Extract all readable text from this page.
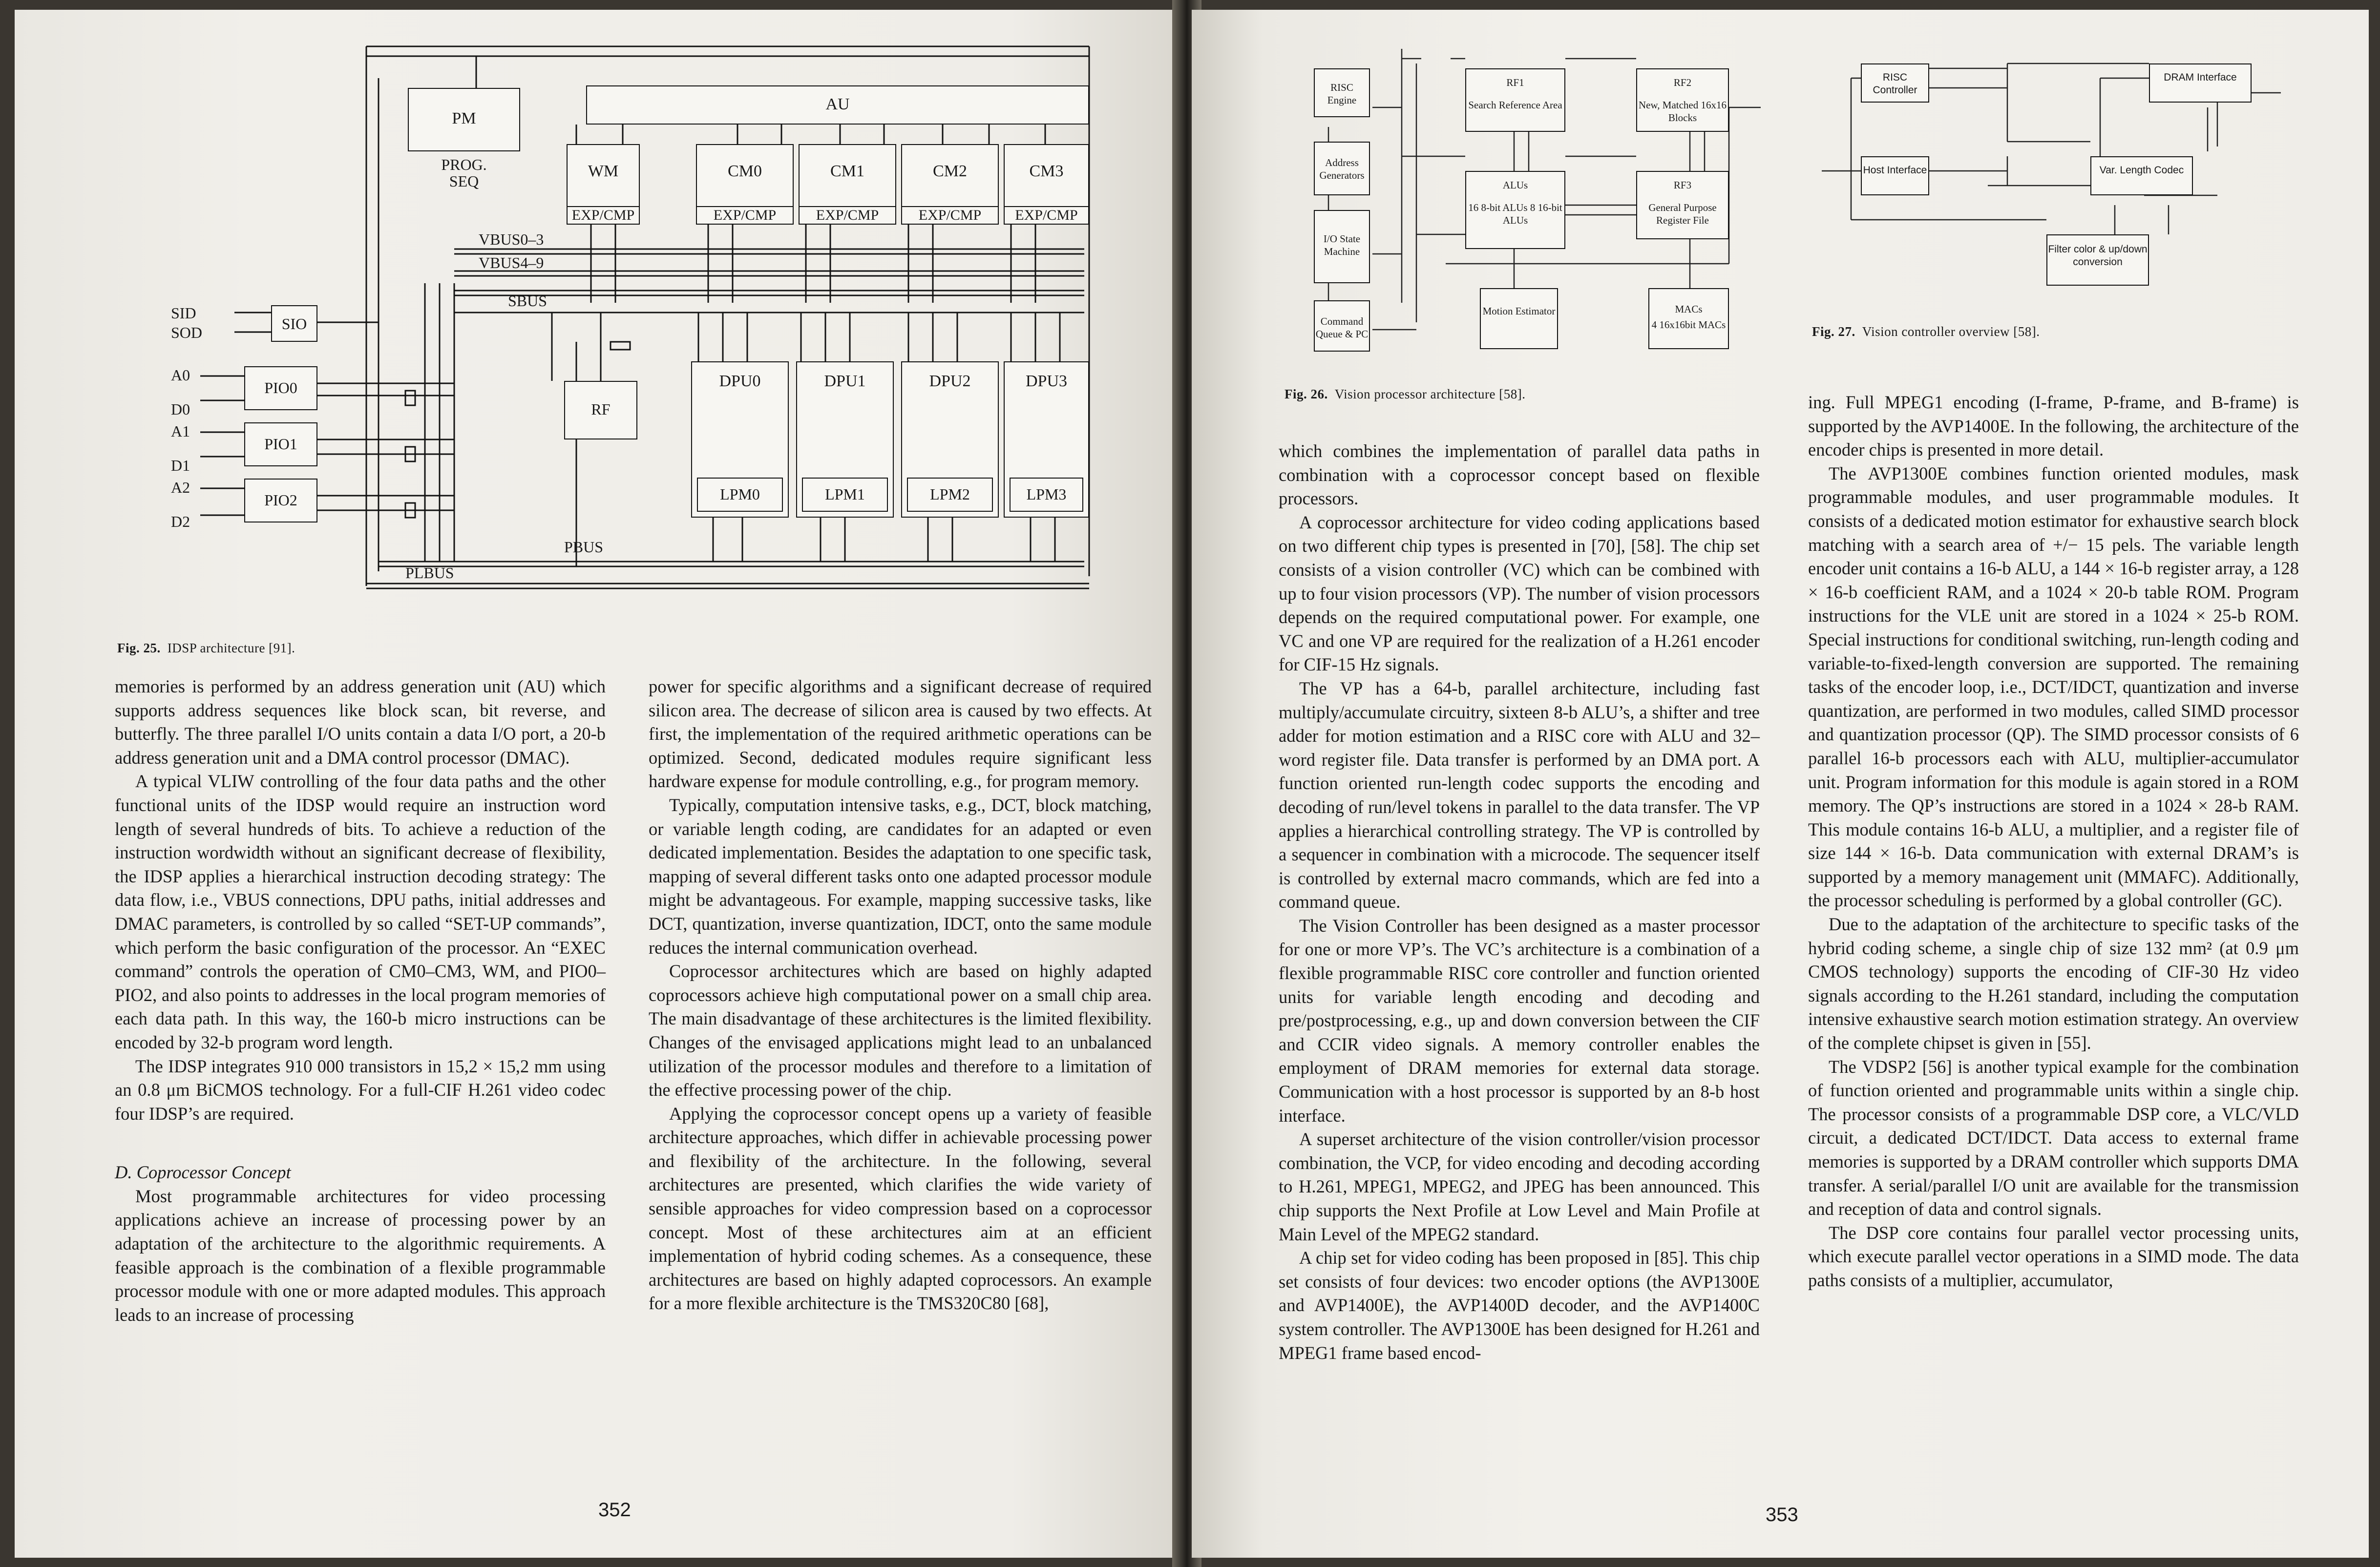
PM
PROG. SEQ
AU
WM
EXP/CMP
CM0
EXP/CMP
CM1
EXP/CMP
CM2
EXP/CMP
CM3
EXP/CMP
VBUS0–3
VBUS4–9
SBUS
SID
SOD	SIO
A0
D0
A1
D1
A2
D2
PIO0
PIO1
PIO2
RF
DPU0
LPM0
DPU1
LPM1
DPU2
LPM2
DPU3
LPM3
PBUS
PLBUS
Fig. 25. IDSP architecture [91].

memories is performed by an address generation unit (AU) which supports address sequences like block scan, bit reverse, and butterfly. The three parallel I/O units contain a data I/O port, a 20-b address generation unit and a DMA control processor (DMAC).

A typical VLIW controlling of the four data paths and the other functional units of the IDSP would require an instruction word length of several hundreds of bits. To achieve a reduction of the instruction wordwidth without an significant decrease of flexibility, the IDSP applies a hierarchical instruction decoding strategy: The data flow, i.e., VBUS connections, DPU paths, initial addresses and DMAC parameters, is controlled by so called “SET-UP commands”, which perform the basic configuration of the processor. An “EXEC command” controls the operation of CM0–CM3, WM, and PIO0–PIO2, and also points to addresses in the local program memories of each data path. In this way, the 160-b micro instructions can be encoded by 32-b program word length.

The IDSP integrates 910 000 transistors in 15,2 × 15,2 mm using an 0.8 μm BiCMOS technology. For a full-CIF H.261 video codec four IDSP’s are required.

D. Coprocessor Concept

Most programmable architectures for video processing applications achieve an increase of processing power by an adaptation of the architecture to the algorithmic requirements. A feasible approach is the combination of a flexible programmable processor module with one or more adapted modules. This approach leads to an increase of processing

power for specific algorithms and a significant decrease of required silicon area. The decrease of silicon area is caused by two effects. At first, the implementation of the required arithmetic operations can be optimized. Second, dedicated modules require significant less hardware expense for module controlling, e.g., for program memory.

Typically, computation intensive tasks, e.g., DCT, block matching, or variable length coding, are candidates for an adapted or even dedicated implementation. Besides the adaptation to one specific task, mapping of several different tasks onto one adapted processor module might be advantageous. For example, mapping successive tasks, like DCT, quantization, inverse quantization, IDCT, onto the same module reduces the internal communication overhead.

Coprocessor architectures which are based on highly adapted coprocessors achieve high computational power on a small chip area. The main disadvantage of these architectures is the limited flexibility. Changes of the envisaged applications might lead to an unbalanced utilization of the processor modules and therefore to a limitation of the effective processing power of the chip.

Applying the coprocessor concept opens up a variety of feasible architecture approaches, which differ in achievable processing power and flexibility of the architecture. In the following, several architectures are presented, which clarifies the wide variety of sensible approaches for video compression based on a coprocessor concept. Most of these architectures aim at an efficient implementation of hybrid coding schemes. As a consequence, these architectures are based on highly adapted coprocessors. An example for a more flexible architecture is the TMS320C80 [68],

352
RISC Engine
Address Generators
I/O State Machine
Command Queue & PC
RF1
Search Reference Area
RF2
New, Matched 16x16 Blocks
ALUs
16 8-bit ALUs 8 16-bit ALUs
RF3
General Purpose Register File
Motion Estimator	MACs
4 16x16bit MACs
Fig. 26. Vision processor architecture [58].
RISC Controller
DRAM Interface
Host Interface	Var. Length Codec
Filter color & up/down conversion
Fig. 27. Vision controller overview [58].

which combines the implementation of parallel data paths in combination with a coprocessor concept based on flexible processors.

A coprocessor architecture for video coding applications based on two different chip types is presented in [70], [58]. The chip set consists of a vision controller (VC) which can be combined with up to four vision processors (VP). The number of vision processors depends on the required computational power. For example, one VC and one VP are required for the realization of a H.261 encoder for CIF-15 Hz signals.

The VP has a 64-b, parallel architecture, including fast multiply/accumulate circuitry, sixteen 8-b ALU’s, a shifter and tree adder for motion estimation and a RISC core with ALU and 32–word register file. Data transfer is performed by an DMA port. A function oriented run-length codec supports the encoding and decoding of run/level tokens in parallel to the data transfer. The VP applies a hierarchical controlling strategy. The VP is controlled by a sequencer in combination with a microcode. The sequencer itself is controlled by external macro commands, which are fed into a command queue.

The Vision Controller has been designed as a master processor for one or more VP’s. The VC’s architecture is a combination of a flexible programmable RISC core controller and function oriented units for variable length encoding and decoding and pre/postprocessing, e.g., up and down conversion between the CIF and CCIR video signals. A memory controller enables the employment of DRAM memories for external data storage. Communication with a host processor is supported by an 8-b host interface.

A superset architecture of the vision controller/vision processor combination, the VCP, for video encoding and decoding according to H.261, MPEG1, MPEG2, and JPEG has been announced. This chip supports the Next Profile at Low Level and Main Profile at Main Level of the MPEG2 standard.

A chip set for video coding has been proposed in [85]. This chip set consists of four devices: two encoder options (the AVP1300E and AVP1400E), the AVP1400D decoder, and the AVP1400C system controller. The AVP1300E has been designed for H.261 and MPEG1 frame based encod-

ing. Full MPEG1 encoding (I-frame, P-frame, and B-frame) is supported by the AVP1400E. In the following, the architecture of the encoder chips is presented in more detail.

The AVP1300E combines function oriented modules, mask programmable modules, and user programmable modules. It consists of a dedicated motion estimator for exhaustive search block matching with a search area of +/− 15 pels. The variable length encoder unit contains a 16-b ALU, a 144 × 16-b register array, a 128 × 16-b coefficient RAM, and a 1024 × 20-b table ROM. Program instructions for the VLE unit are stored in a 1024 × 25-b ROM. Special instructions for conditional switching, run-length coding and variable-to-fixed-length conversion are supported. The remaining tasks of the encoder loop, i.e., DCT/IDCT, quantization and inverse quantization, are performed in two modules, called SIMD processor and quantization processor (QP). The SIMD processor consists of 6 parallel 16-b processors each with ALU, multiplier-accumulator unit. Program information for this module is again stored in a ROM memory. The QP’s instructions are stored in a 1024 × 28-b RAM. This module contains 16-b ALU, a multiplier, and a register file of size 144 × 16-b. Data communication with external DRAM’s is supported by a memory management unit (MMAFC). Additionally, the processor scheduling is performed by a global controller (GC).

Due to the adaptation of the architecture to specific tasks of the hybrid coding scheme, a single chip of size 132 mm² (at 0.9 μm CMOS technology) supports the encoding of CIF-30 Hz video signals according to the H.261 standard, including the computation intensive exhaustive search motion estimation strategy. An overview of the complete chipset is given in [55].

The VDSP2 [56] is another typical example for the combination of function oriented and programmable units within a single chip. The processor consists of a programmable DSP core, a VLC/VLD circuit, a dedicated DCT/IDCT. Data access to external frame memories is supported by a DRAM controller which supports DMA transfer. A serial/parallel I/O unit are available for the transmission and reception of data and control signals.

The DSP core contains four parallel vector processing units, which execute parallel vector operations in a SIMD mode. The data paths consists of a multiplier, accumulator,

353
